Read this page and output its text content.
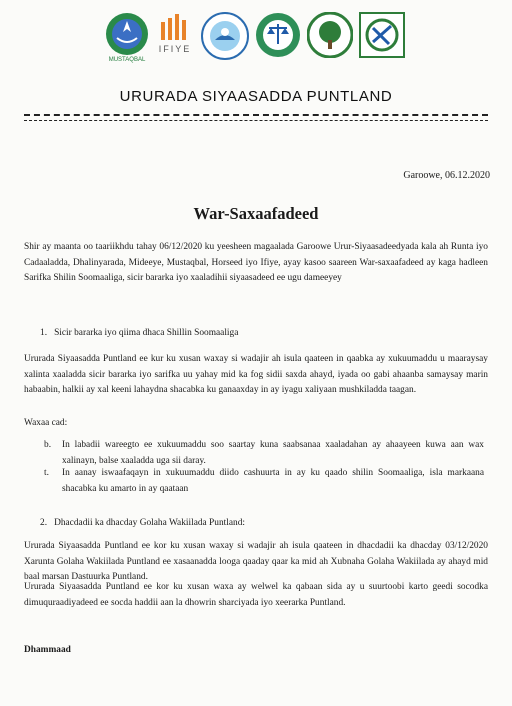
MUSTAQBAL
IFIYE
URURADA SIYAASADDA PUNTLAND
Garoowe, 06.12.2020
War-Saxaafadeed
Shir ay maanta oo taariikhdu tahay 06/12/2020 ku yeesheen magaalada Garoowe Urur-Siyaasadeedyada kala ah Runta iyo Cadaaladda, Dhalinyarada, Mideeye, Mustaqbal, Horseed iyo Ifiye, ayay kasoo saareen War-saxaafadeed ay kaga hadleen Sarifka Shilin Soomaaliga, sicir bararka iyo xaaladihii siyaasadeed ee ugu dameeyey
1.   Sicir bararka iyo qiima dhaca Shillin Soomaaliga
Ururada Siyaasadda Puntland ee kur ku xusan waxay si wadajir ah isula qaateen in qaabka ay xukuumaddu u maaraysay xalinta xaaladda sicir bararka iyo sarifka uu yahay mid ka fog sidii saxda ahayd, iyada oo gabi ahaanba samaysay marin habaabin, halkii ay xal keeni lahaydna shacabka ku ganaaxday in ay iyagu xaliyaan mushkiladda taagan.
Waxaa cad:
b.	In labadii wareegto ee xukuumaddu soo saartay kuna saabsanaa xaaladahan ay ahaayeen kuwa aan wax xalinayn, balse xaaladda uga sii daray.
t.	In aanay iswaafaqayn in xukuumaddu diido cashuurta in ay ku qaado shilin Soomaaliga, isla markaana shacabka ku amarto in ay qaataan
2.   Dhacdadii ka dhacday Golaha Wakiilada Puntland:
Ururada Siyaasadda Puntland ee kor ku xusan waxay si wadajir ah isula qaateen in dhacdadii ka dhacday 03/12/2020 Xarunta Golaha Wakiilada Puntland ee xasaanadda looga qaaday qaar ka mid ah Xubnaha Golaha Wakiilada ay ahayd mid baal marsan Dastuurka Puntland.
Ururada Siyaasadda Puntland ee kor ku xusan waxa ay welwel ka qabaan sida ay u suurtoobi karto geedi socodka dimuquraadiyadeed ee socda haddii aan la dhowrin sharciyada iyo xeerarka Puntland.
Dhammaad
